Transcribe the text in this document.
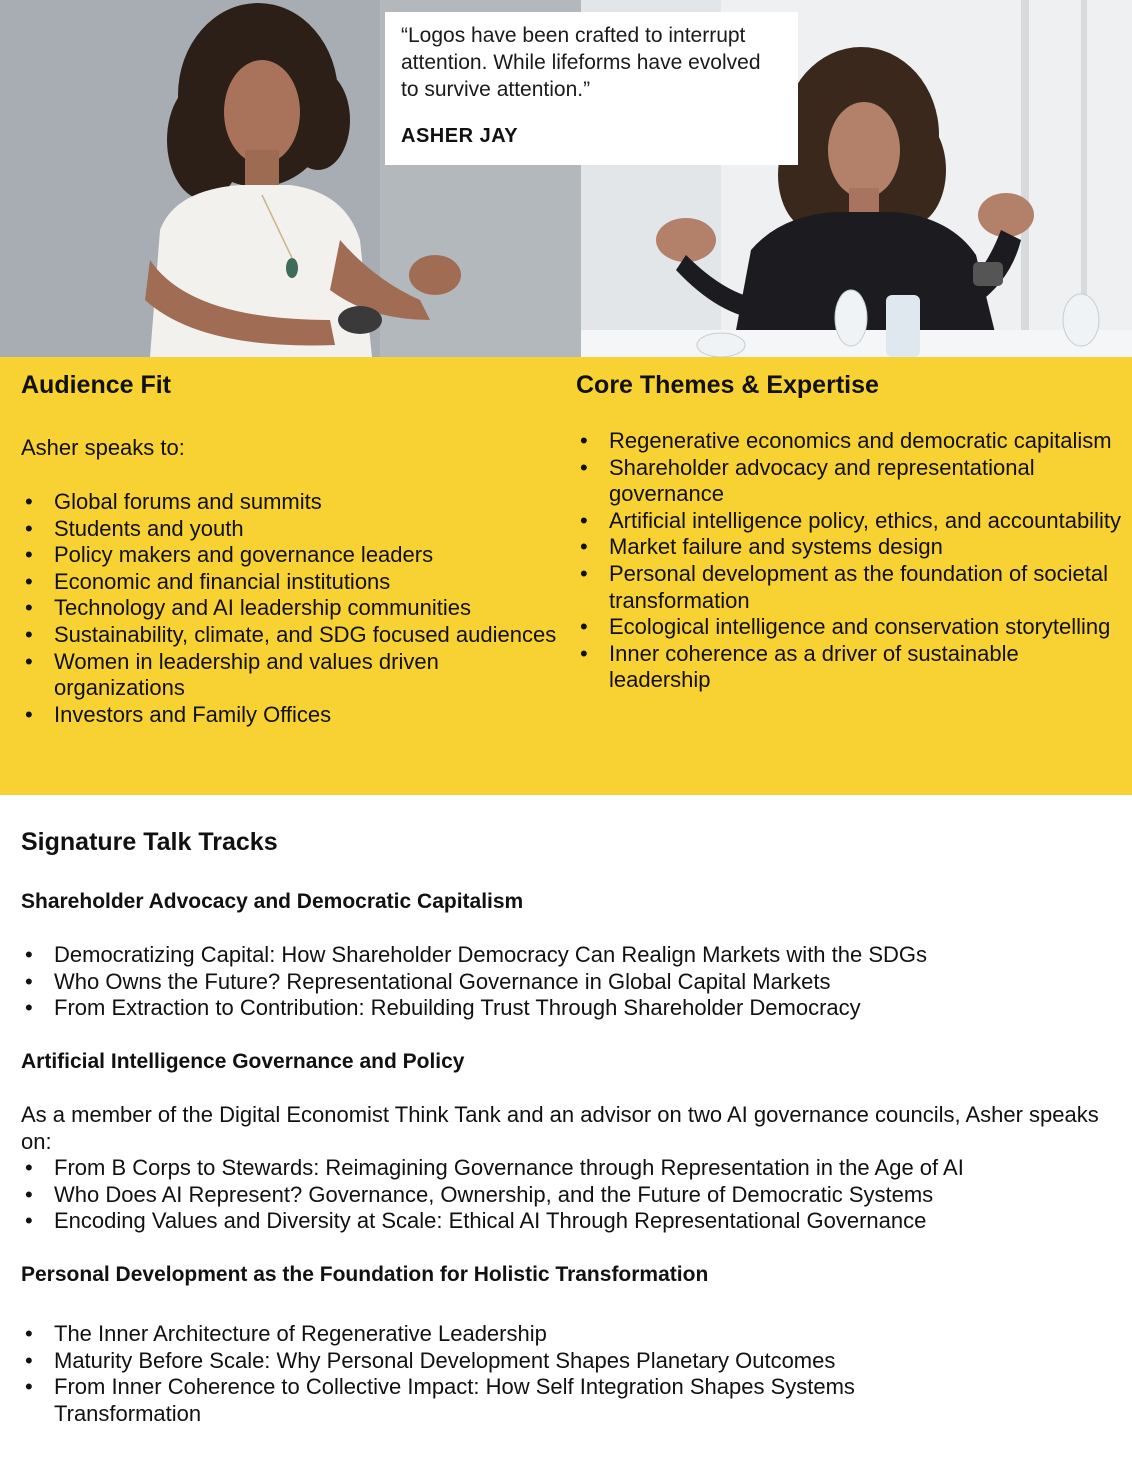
“Logos have been crafted to interrupt attention. While lifeforms have evolved to survive attention.”

ASHER JAY

Audience Fit

Asher speaks to:

• Global forums and summits
• Students and youth
• Policy makers and governance leaders
• Economic and financial institutions
• Technology and AI leadership communities
• Sustainability, climate, and SDG focused audiences
• Women in leadership and values driven organizations
• Investors and Family Offices
Core Themes & Expertise
• Regenerative economics and democratic capitalism
• Shareholder advocacy and representational governance
• Artificial intelligence policy, ethics, and accountability
• Market failure and systems design
• Personal development as the foundation of societal transformation
• Ecological intelligence and conservation storytelling
• Inner coherence as a driver of sustainable leadership
Signature Talk Tracks
Shareholder Advocacy and Democratic Capitalism
• Democratizing Capital: How Shareholder Democracy Can Realign Markets with the SDGs
• Who Owns the Future? Representational Governance in Global Capital Markets
• From Extraction to Contribution: Rebuilding Trust Through Shareholder Democracy
Artificial Intelligence Governance and Policy

As a member of the Digital Economist Think Tank and an advisor on two AI governance councils, Asher speaks on:

• From B Corps to Stewards: Reimagining Governance through Representation in the Age of AI
• Who Does AI Represent? Governance, Ownership, and the Future of Democratic Systems
• Encoding Values and Diversity at Scale: Ethical AI Through Representational Governance
Personal Development as the Foundation for Holistic Transformation
• The Inner Architecture of Regenerative Leadership
• Maturity Before Scale: Why Personal Development Shapes Planetary Outcomes
• From Inner Coherence to Collective Impact: How Self Integration Shapes Systems Transformation
